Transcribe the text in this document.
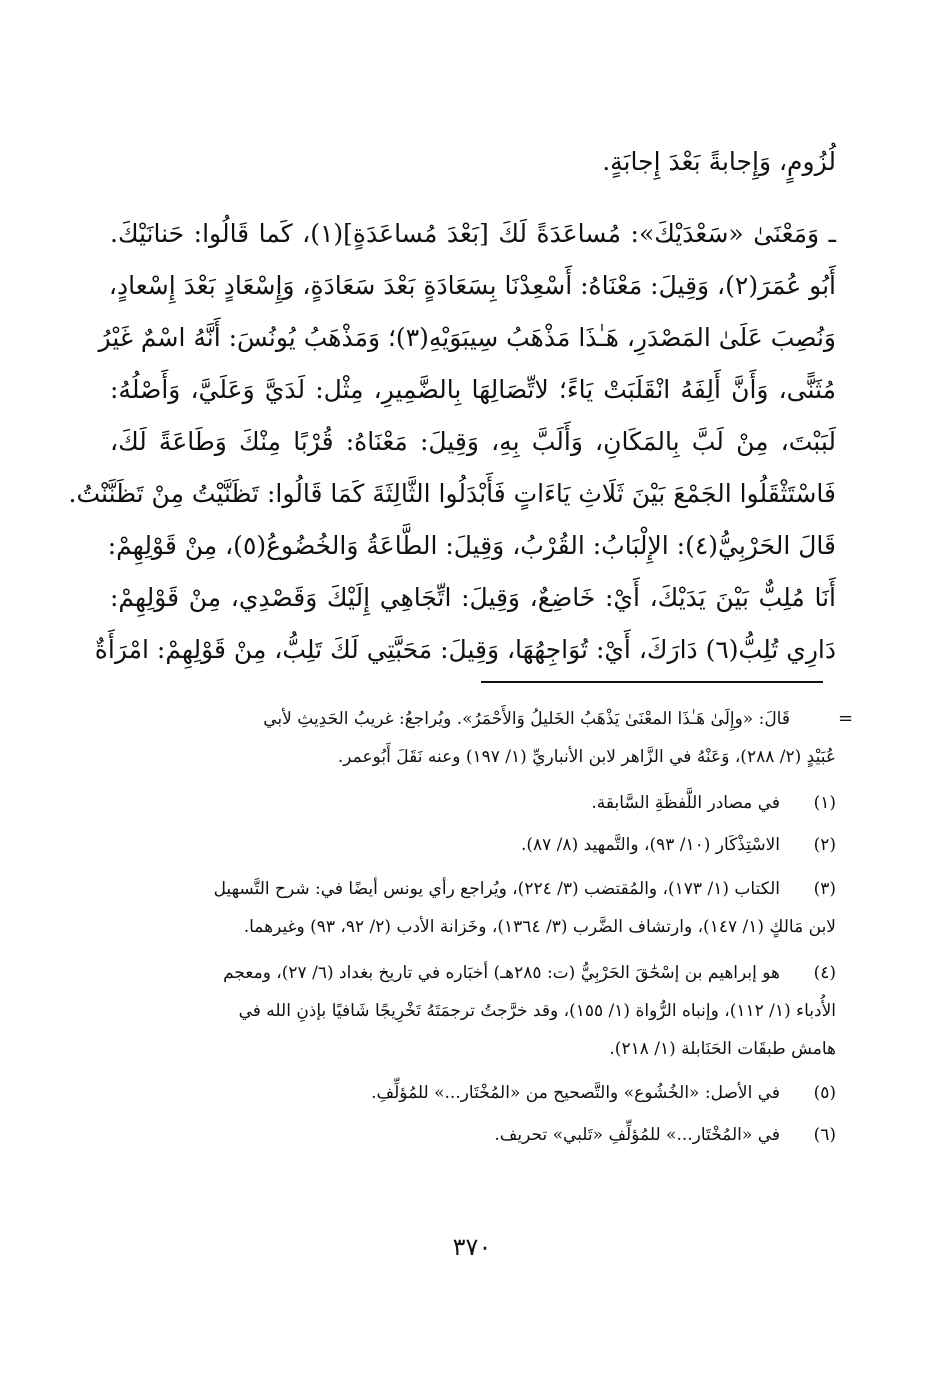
لُزُومٍ، وَإِجابةً بَعْدَ إِجابَةٍ.
ـ وَمَعْنَىٰ «سَعْدَيْكَ»: مُساعَدَةً لَكَ [بَعْدَ مُساعَدَةٍ](١)، كَما قَالُوا: حَنانَيْكَ.
أَبُو عُمَرَ(٢)، وَقِيلَ: مَعْنَاهُ: أَسْعِدْنَا بِسَعَادَةٍ بَعْدَ سَعَادَةٍ، وَإِسْعَادٍ بَعْدَ إِسْعادٍ،
وَنُصِبَ عَلَىٰ المَصْدَرِ، هَـٰذَا مَذْهَبُ سِيبَوَيْهِ(٣)؛ وَمَذْهَبُ يُونُسَ: أَنَّهُ اسْمٌ غَيْرُ
مُثَنًّى، وَأَنَّ أَلِفَهُ انْقَلَبَتْ يَاءً؛ لاتِّصَالِهَا بِالضَّمِيرِ، مِثْل: لَدَيَّ وَعَلَيَّ، وَأَصْلُهُ:
لَبَبْتَ، مِنْ لَبَّ بِالمَكَانِ، وَأَلَبَّ بِهِ، وَقِيلَ: مَعْنَاهُ: قُرْبًا مِنْكَ وَطَاعَةً لَكَ،
فَاسْتَثْقَلُوا الجَمْعَ بَيْنَ ثَلَاثِ يَاءَاتٍ فَأَبْدَلُوا الثَّالِثَةَ كَمَا قَالُوا: تَظَنَّيْتُ مِنْ تَظَنَّنْتُ.
قَالَ الحَرْبِيُّ(٤): الإِلْبَابُ: القُرْبُ، وَقِيلَ: الطَّاعَةُ وَالخُضُوعُ(٥)، مِنْ قَوْلِهِمْ:
أَنَا مُلِبٌّ بَيْنَ يَدَيْكَ، أَيْ: خَاضِعٌ، وَقِيلَ: اتِّجَاهِي إِلَيْكَ وَقَصْدِي، مِنْ قَوْلِهِمْ:
دَارِي تُلِبُّ(٦) دَارَكَ، أَيْ: تُوَاجِهُهَا، وَقِيلَ: مَحَبَّتِي لَكَ تَلِبُّ، مِنْ قَوْلِهِمْ: امْرَأَةٌ
=
قَالَ: «وإِلَىٰ هَـٰذَا المعْنَىٰ يَذْهَبُ الخَليلُ وَالأَحْمَرُ». ويُراجعُ: غريبُ الحَدِيثِ لأبي
عُبَيْدٍ (٢/ ٢٨٨)، وَعَنْهُ في الزَّاهر لابن الأنباريِّ (١/ ١٩٧) وعنه نَقَلَ أَبُوعمر.
(١)
في مصادر اللَّفظَةِ السَّابقة.
(٢)
الاسْتِذْكَار (١٠/ ٩٣)، والتَّمهيد (٨/ ٨٧).
(٣)
الكتاب (١/ ١٧٣)، والمُقتضب (٣/ ٢٢٤)، ويُراجع رأي يونس أيضًا في: شرح التَّسهيل
لابن مَالكٍ (١/ ١٤٧)، وارتشاف الضَّرب (٣/ ١٣٦٤)، وخَزانة الأدب (٢/ ٩٢، ٩٣) وغيرهما.
(٤)
هو إبراهيم بن إسْحَٰقَ الحَرْبِيُّ (ت: ٢٨٥هـ) أخبَاره في تاريخ بغداد (٦/ ٢٧)، ومعجم
الأُدباء (١/ ١١٢)، وإنباه الرُّواة (١/ ١٥٥)، وقد خرَّجتُ ترجمَتَهُ تَخْرِيجًا شَافيًا بإذنِ الله في
هامش طبقَات الحَنَابلة (١/ ٢١٨).
(٥)
في الأصل: «الخُشُوع» والتَّصحيح من «المُخْتَار...» للمُؤلِّفِ.
(٦)
في «المُخْتَار...» للمُؤلِّفِ «تَلبي» تحريف.
٣٧٠
